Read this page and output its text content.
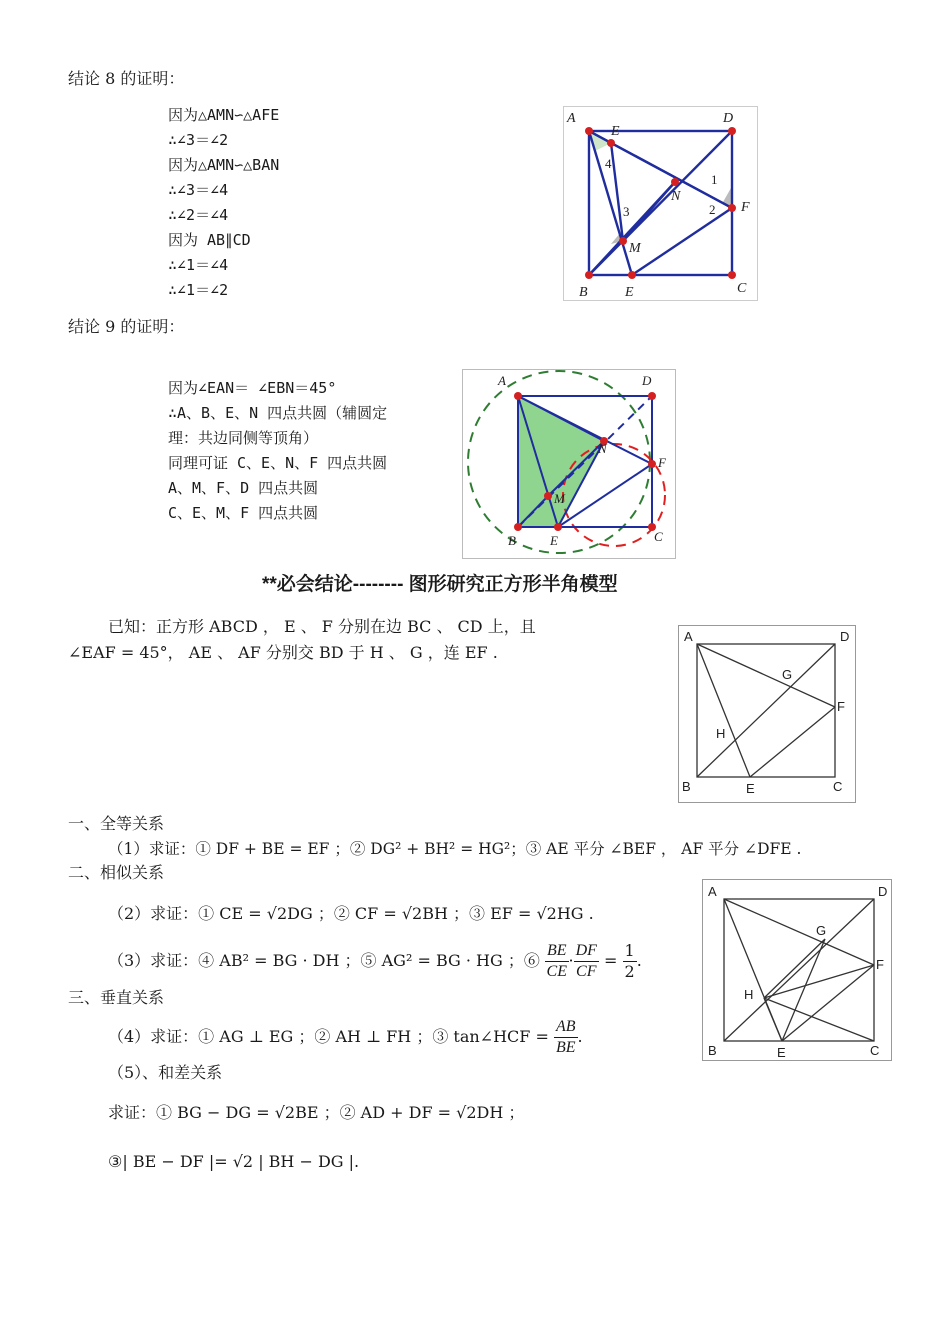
结论 8 的证明：
因为△AMN∽△AFE
∴∠3＝∠2
因为△AMN∽△BAN
∴∠3＝∠4
∴∠2＝∠4
因为 AB∥CD
∴∠1＝∠4
∴∠1＝∠2
A	D
B	C
E
F
E
M
N
1
2
3
4
结论 9 的证明：
因为∠EAN＝ ∠EBN＝45°
∴A、B、E、N 四点共圆（辅圆定
理：共边同侧等顶角）
同理可证 C、E、N、F 四点共圆
A、M、F、D 四点共圆
C、E、M、F 四点共圆
A	D
B	C
E
F
M
N
**必会结论-------- 图形研究正方形半角模型
已知：正方形 ABCD ， E 、 F 分别在边 BC 、 CD 上，且
∠EAF = 45°， AE 、 AF 分别交 BD 于 H 、 G ，连 EF .
A	D
B	C
E
F
G
H
一、全等关系
（1）求证：① DF + BE = EF ；② DG² + BH² = HG²；③ AE 平分 ∠BEF ， AF 平分 ∠DFE .
二、相似关系
（2）求证：① CE = √2DG ；② CF = √2BH ；③ EF = √2HG .
（3）求证：④ AB² = BG · DH ；⑤ AG² = BG · HG ；⑥ $\frac{BE}{CE} \cdot \frac{DF}{CF} = \frac{1}{2}$ .
A	D
B	C
E
F
G
H
三、垂直关系
（4）求证：① AG ⊥ EG ；② AH ⊥ FH ；③ tan∠HCF = $\frac{AB}{BE}$ .
（5）、和差关系
求证：① BG − DG = √2BE ；② AD + DF = √2DH ；
③| BE − DF |= √2 | BH − DG |.
